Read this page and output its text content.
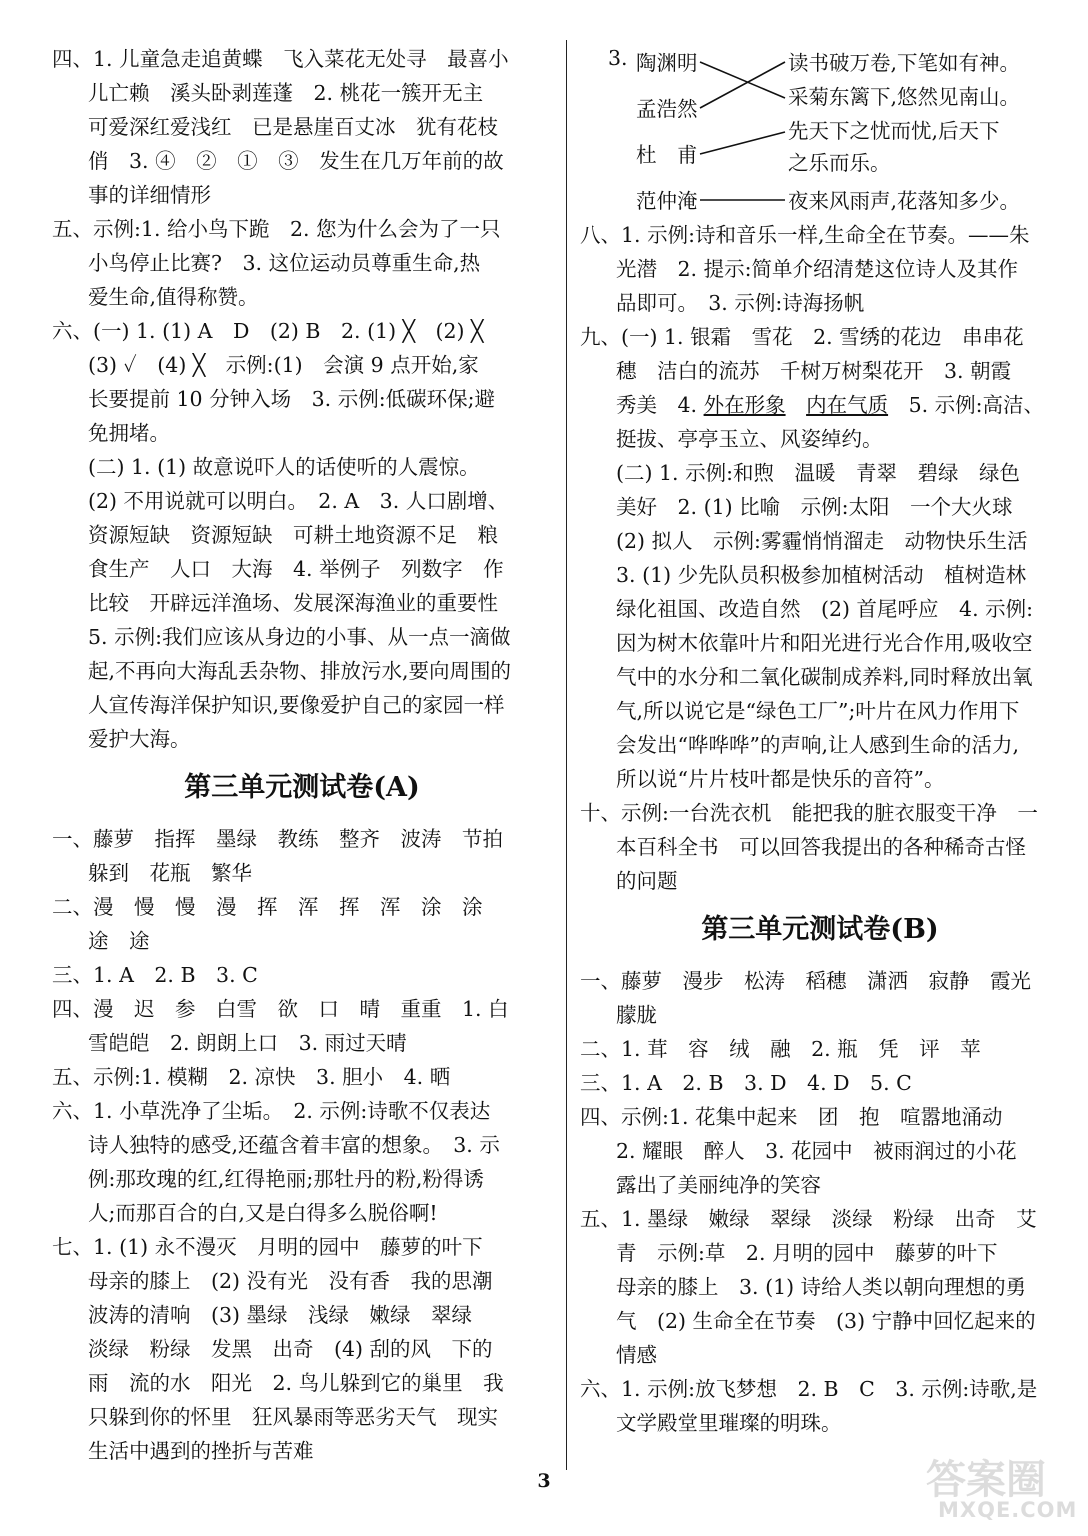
四、1. 儿童急走追黄蝶　飞入菜花无处寻　最喜小
儿亡赖　溪头卧剥莲蓬　2. 桃花一簇开无主
可爱深红爱浅红　已是悬崖百丈冰　犹有花枝
俏　3. ④　②　①　③　发生在几万年前的故
事的详细情形
五、示例:1. 给小鸟下跪　2. 您为什么会为了一只
小鸟停止比赛?　3. 这位运动员尊重生命,热
爱生命,值得称赞。
六、(一) 1. (1) A　D　(2) B　2. (1) ╳　(2) ╳
(3) ✓　(4) ╳　示例:(1)　会演 9 点开始,家
长要提前 10 分钟入场　3. 示例:低碳环保;避
免拥堵。
(二) 1. (1) 故意说吓人的话使听的人震惊。
(2) 不用说就可以明白。　2. A　3. 人口剧增、
资源短缺　资源短缺　可耕土地资源不足　粮
食生产　人口　大海　4. 举例子　列数字　作
比较　开辟远洋渔场、发展深海渔业的重要性
5. 示例:我们应该从身边的小事、从一点一滴做
起,不再向大海乱丢杂物、排放污水,要向周围的
人宣传海洋保护知识,要像爱护自己的家园一样
爱护大海。
第三单元测试卷(A)
一、藤萝　指挥　墨绿　教练　整齐　波涛　节拍
躲到　花瓶　繁华
二、漫　慢　慢　漫　挥　浑　挥　浑　涂　涂
途　途
三、1. A　2. B　3. C
四、漫　迟　参　白雪　欲　口　晴　重重　1. 白
雪皑皑　2. 朗朗上口　3. 雨过天晴
五、示例:1. 模糊　2. 凉快　3. 胆小　4. 晒
六、1. 小草洗净了尘垢。　2. 示例:诗歌不仅表达
诗人独特的感受,还蕴含着丰富的想象。　3. 示
例:那玫瑰的红,红得艳丽;那牡丹的粉,粉得诱
人;而那百合的白,又是白得多么脱俗啊!
七、1. (1) 永不漫灭　月明的园中　藤萝的叶下
母亲的膝上　(2) 没有光　没有香　我的思潮
波涛的清响　(3) 墨绿　浅绿　嫩绿　翠绿
淡绿　粉绿　发黑　出奇　(4) 刮的风　下的
雨　流的水　阳光　2. 鸟儿躲到它的巢里　我
只躲到你的怀里　狂风暴雨等恶劣天气　现实
生活中遇到的挫折与苦难
3. 陶渊明
孟浩然
杜　甫
范仲淹
读书破万卷,下笔如有神。
采菊东篱下,悠然见南山。
先天下之忧而忧,后天下
之乐而乐。
夜来风雨声,花落知多少。
八、1. 示例:诗和音乐一样,生命全在节奏。——朱
光潜　2. 提示:简单介绍清楚这位诗人及其作
品即可。　3. 示例:诗海扬帆
九、(一) 1. 银霜　雪花　2. 雪绣的花边　串串花
穗　洁白的流苏　千树万树梨花开　3. 朝霞
秀美　4. 外在形象　 内在气质　5. 示例:高洁、
挺拔、亭亭玉立、风姿绰约。
(二) 1. 示例:和煦　温暖　青翠　碧绿　绿色
美好　2. (1) 比喻　示例:太阳　一个大火球
(2) 拟人　示例:雾霾悄悄溜走　动物快乐生活
3. (1) 少先队员积极参加植树活动　植树造林
绿化祖国、改造自然　(2) 首尾呼应　4. 示例:
因为树木依靠叶片和阳光进行光合作用,吸收空
气中的水分和二氧化碳制成养料,同时释放出氧
气,所以说它是“绿色工厂”;叶片在风力作用下
会发出“哗哗哗”的声响,让人感到生命的活力,
所以说“片片枝叶都是快乐的音符”。
十、示例:一台洗衣机　能把我的脏衣服变干净　一
本百科全书　可以回答我提出的各种稀奇古怪
的问题
第三单元测试卷(B)
一、藤萝　漫步　松涛　稻穗　潇洒　寂静　霞光
朦胧
二、1. 茸　容　绒　融　2. 瓶　凭　评　苹
三、1. A　2. B　3. D　4. D　5. C
四、示例:1. 花集中起来　团　抱　喧嚣地涌动
2. 耀眼　醉人　3. 花园中　被雨润过的小花
露出了美丽纯净的笑容
五、1. 墨绿　嫩绿　翠绿　淡绿　粉绿　出奇　艾
青　示例:草　2. 月明的园中　藤萝的叶下
母亲的膝上　3. (1) 诗给人类以朝向理想的勇
气　(2) 生命全在节奏　(3) 宁静中回忆起来的
情感
六、1. 示例:放飞梦想　2. B　C　3. 示例:诗歌,是
文学殿堂里璀璨的明珠。
3	答案圈
MXQE.COM
